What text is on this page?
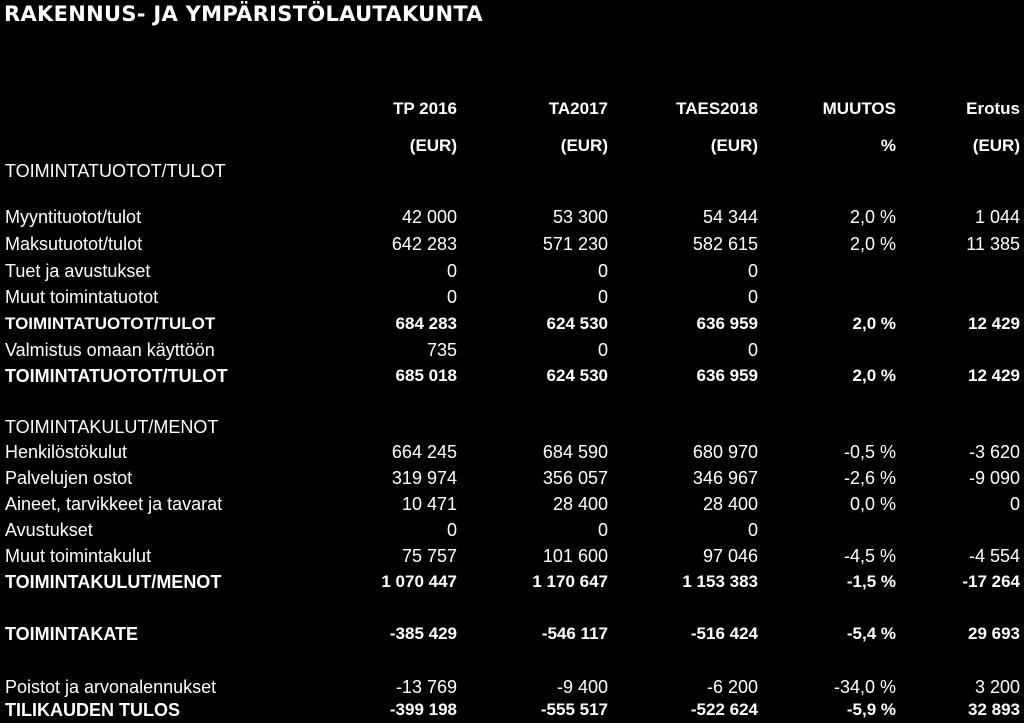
RAKENNUS- JA YMPÄRISTÖLAUTAKUNTA
TP 2016	TA2017	TAES2018	MUUTOS	Erotus
(EUR)	(EUR)	(EUR)	%	(EUR)
TOIMINTATUOTOT/TULOT
Myyntituotot/tulot	42 000	53 300	54 344	2,0 %	1 044
Maksutuotot/tulot	642 283	571 230	582 615	2,0 %	11 385
Tuet ja avustukset	0	0	0
Muut toimintatuotot	0	0	0
TOIMINTATUOTOT/TULOT	684 283	624 530	636 959	2,0 %	12 429
Valmistus omaan käyttöön	735	0	0
TOIMINTATUOTOT/TULOT	685 018	624 530	636 959	2,0 %	12 429
TOIMINTAKULUT/MENOT
Henkilöstökulut	664 245	684 590	680 970	-0,5 %	-3 620
Palvelujen ostot	319 974	356 057	346 967	-2,6 %	-9 090
Aineet, tarvikkeet ja tavarat	10 471	28 400	28 400	0,0 %	0
Avustukset	0	0	0
Muut toimintakulut	75 757	101 600	97 046	-4,5 %	-4 554
TOIMINTAKULUT/MENOT	1 070 447	1 170 647	1 153 383	-1,5 %	-17 264
TOIMINTAKATE	-385 429	-546 117	-516 424	-5,4 %	29 693
Poistot ja arvonalennukset	-13 769	-9 400	-6 200	-34,0 %	3 200
TILIKAUDEN TULOS	-399 198	-555 517	-522 624	-5,9 %	32 893
